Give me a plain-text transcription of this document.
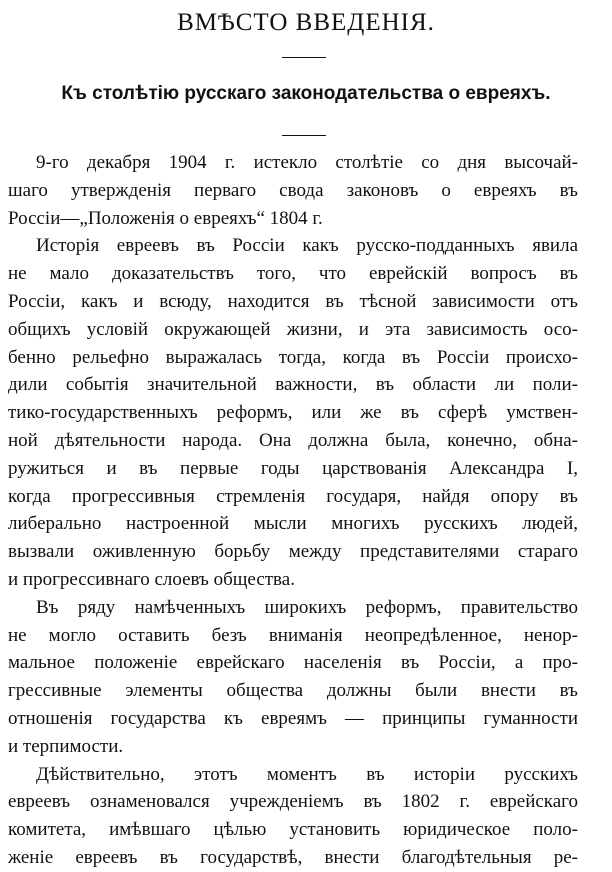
ВМѢСТО ВВЕДЕНІЯ.
Къ столѣтію русскаго законодательства о евреяхъ.
9-го декабря 1904 г. истекло столѣтіе со дня высочай-
шаго утвержденія перваго свода законовъ о евреяхъ въ
Россіи—„Положенія о евреяхъ“ 1804 г.
Исторія евреевъ въ Россіи какъ русско-подданныхъ явила
не мало доказательствъ того, что еврейскій вопросъ въ
Россіи, какъ и всюду, находится въ тѣсной зависимости отъ
общихъ условій окружающей жизни, и эта зависимость осо-
бенно рельефно выражалась тогда, когда въ Россіи происхо-
дили событія значительной важности, въ области ли поли-
тико-государственныхъ реформъ, или же въ сферѣ умствен-
ной дѣятельности народа. Она должна была, конечно, обна-
ружиться и въ первые годы царствованія Александра I,
когда прогрессивныя стремленія государя, найдя опору въ
либерально настроенной мысли многихъ русскихъ людей,
вызвали оживленную борьбу между представителями стараго
и прогрессивнаго слоевъ общества.
Въ ряду намѣченныхъ широкихъ реформъ, правительство
не могло оставить безъ вниманія неопредѣленное, ненор-
мальное положеніе еврейскаго населенія въ Россіи, а про-
грессивные элементы общества должны были внести въ
отношенія государства къ евреямъ — принципы гуманности
и терпимости.
Дѣйствительно, этотъ моментъ въ исторіи русскихъ
евреевъ ознаменовался учрежденіемъ въ 1802 г. еврейскаго
комитета, имѣвшаго цѣлью установить юридическое поло-
женіе евреевъ въ государствѣ, внести благодѣтельныя ре-
